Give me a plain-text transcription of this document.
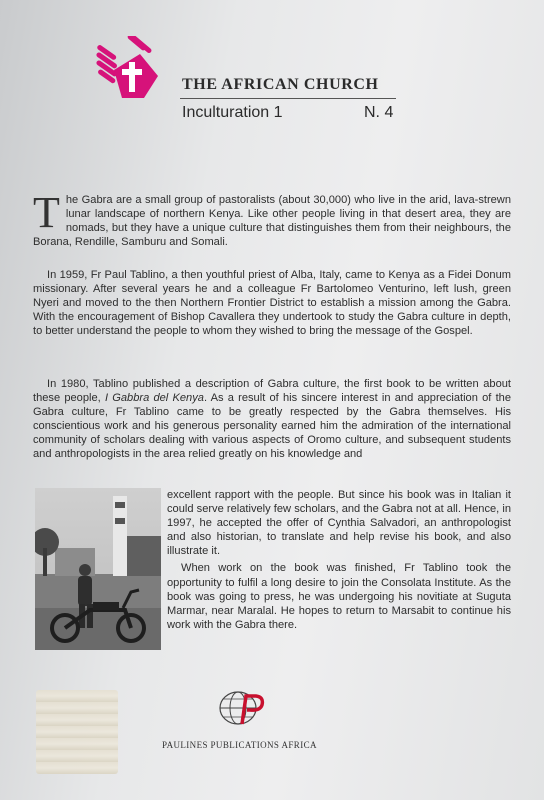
THE AFRICAN CHURCH
Inculturation 1	N. 4
T he Gabra are a small group of pastoralists (about 30,000) who live in the arid, lava-strewn lunar landscape of northern Kenya. Like other people living in that desert area, they are nomads, but they have a unique culture that distinguishes them from their neighbours, the Borana, Rendille, Samburu and Somali.

In 1959, Fr Paul Tablino, a then youthful priest of Alba, Italy, came to Kenya as a Fidei Donum missionary. After several years he and a colleague Fr Bartolomeo Venturino, left lush, green Nyeri and moved to the then Northern Frontier District to establish a mission among the Gabra. With the encouragement of Bishop Cavallera they undertook to study the Gabra culture in depth, to better understand the people to whom they wished to bring the message of the Gospel.

In 1980, Tablino published a description of Gabra culture, the first book to be written about these people, I Gabbra del Kenya. As a result of his sincere interest in and appreciation of the Gabra culture, Fr Tablino came to be greatly respected by the Gabra themselves. His conscientious work and his generous personality earned him the admiration of the international community of scholars dealing with various aspects of Oromo culture, and subsequent students and anthropologists in the area relied greatly on his knowledge and

excellent rapport with the people. But since his book was in Italian it could serve relatively few scholars, and the Gabra not at all. Hence, in 1997, he accepted the offer of Cynthia Salvadori, an anthropologist and also historian, to translate and help revise his book, and also illustrate it.

When work on the book was finished, Fr Tablino took the opportunity to fulfil a long desire to join the Consolata Institute. As the book was going to press, he was undergoing his novitiate at Suguta Marmar, near Maralal. He hopes to return to Marsabit to continue his work with the Gabra there.

PAULINES PUBLICATIONS AFRICA
